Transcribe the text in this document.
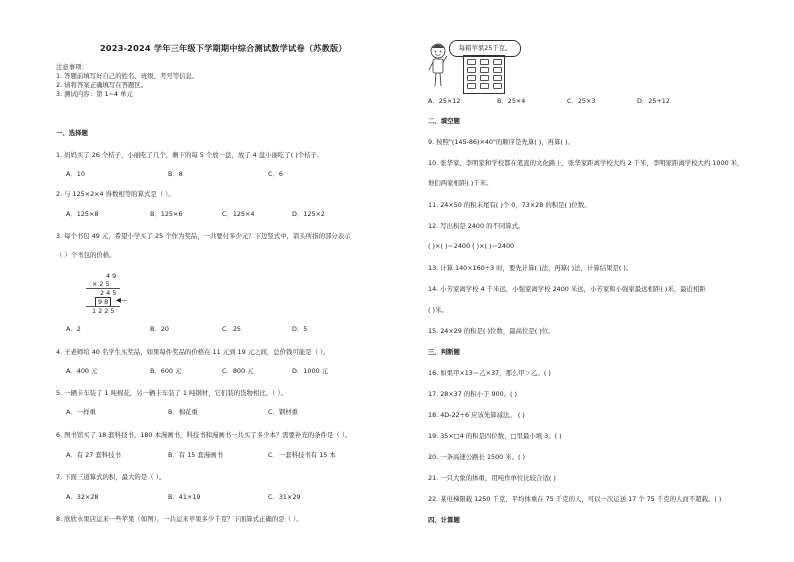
2023-2024 学年三年级下学期期中综合测试数学试卷（苏教版）
注意事项：
1. 答题前填写好自己的姓名、班级、考号等信息。
2. 请将答案正确填写在答题区。
3. 测试内容：第 1~4 单元
一、选择题
1. 妈妈买了 26 个桔子，小丽吃了几个，剩下的每 5 个放一盘，放了 4 盘小丽吃了( )个桔子.
A．10	B．8	C．6
2. 与 125×2×4 得数相等的算式是（ ）。
A．125×8	B．125×6	C．125×4	D．125×2
3. 每个书包 49 元，希望小学买了 25 个作为奖品，一共要付多少元？下边竖式中，箭头所指的部分表示
（ ）个书包的价格。
4 9
× 2 5
2 4 5
9 8	◀—
1 2 2 5
A．2	B．20	C．25	D．5
4. 王老师给 40 名学生买奖品，如果每件奖品的价格在 11 元到 19 元之间，总价钱可能是（ ）。
A．400 元	B．600 元	C．800 元	D．1000 元
5. 一辆卡车装了 1 吨棉花，另一辆卡车装了 1 吨钢材，它们装的货物相比，（ ）。
A．一样重	B．棉花重	C．钢材重
6. 图书馆买了 18 套科技书，180 本漫画书，科技书和漫画书一共买了多少本？需要补充的条件是（ ）。
A．有 27 套科技书	B．有 15 套漫画书	C．一套科技书有 15 本
7. 下面三道算式的积，最大的是（ ）。
A．32×28	B．41×19	C．31×29
8. 欣欣水果店运来一些苹果（如图），一共运来苹果多少千克？下面算式正确的是（ ）。
每箱苹果25千克。
A．25×12	B．25×4	C．25×3	D．25+12
二、填空题
9. 按照"(145-86)×40"的顺序是先算( )，再算( )。
10. 张华家、李明家和学校都在笔直的文化路上，张华家距离学校大约 2 千米，李明家距离学校大约 1000 米，
他们两家相距( )千米。
11. 24×50 的积末尾有( )个 0，73×28 的积是( )位数。
12. 写出积是 2400 的不同算式。
( )×( )＝2400 ( )×( )＝2400
13. 计算 140×160÷3 时，要先计算( )法，再算( )法，计算结果是( )。
14. 小芳家离学校 4 千米远，小强家离学校 2400 米远，小芳家和小强家最远相距( )米，最近相距
( )米。
15. 24×29 的积是( )位数，最高位是( )位。
三、判断题
16. 如果甲×13＝乙×37，那么甲＞乙。( )
17. 28×37 的积小于 900。( )
18. 4D-22÷6 应该先算减法。 ( )
19. 35×□4 的积是四位数，□里最小填 3。( )
20. 一条高速公路长 1500 米。( )
21. 一只大象的体重，用吨作单位比较合适( )
22. 某电梯限载 1250 千克，平均体重在 75 千克的人，可以一次运送 17 个 75 千克的人而不超载。( )
四、计算题
